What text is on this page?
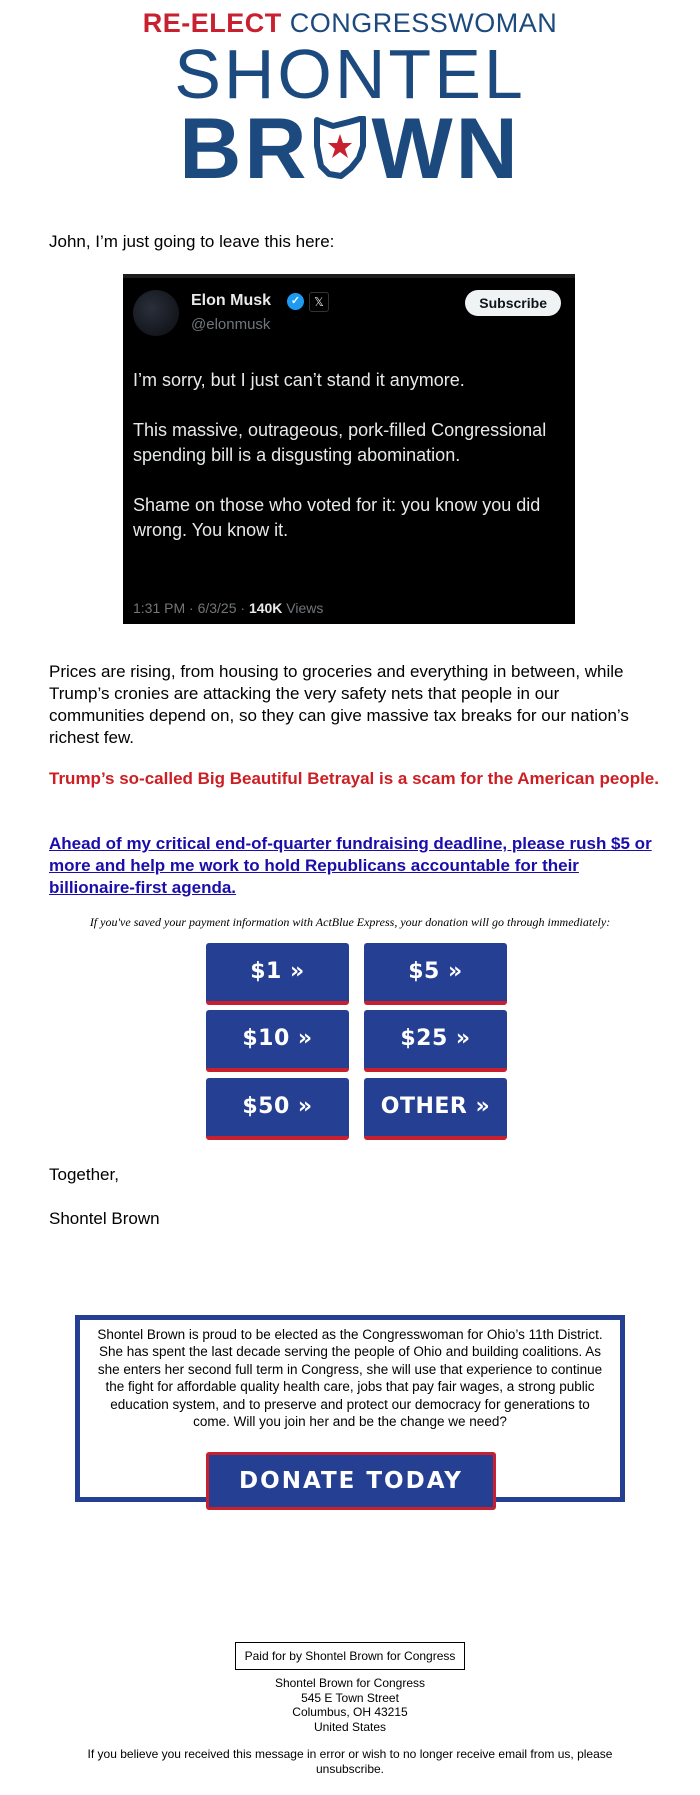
RE-ELECT CONGRESSWOMAN
SHONTEL
BR WN
John, I’m just going to leave this here:
Elon Musk	✓	𝕏
@elonmusk
Subscribe

I’m sorry, but I just can’t stand it anymore.

This massive, outrageous, pork-filled Congressional spending bill is a disgusting abomination.

Shame on those who voted for it: you know you did wrong. You know it.

1:31 PM · 6/3/25 · 140K Views
Prices are rising, from housing to groceries and everything in between, while Trump’s cronies are attacking the very safety nets that people in our communities depend on, so they can give massive tax breaks for our nation’s richest few.
Trump’s so-called Big Beautiful Betrayal is a scam for the American people.
Ahead of my critical end-of-quarter fundraising deadline, please rush $5 or more and help me work to hold Republicans accountable for their billionaire-first agenda.
If you've saved your payment information with ActBlue Express, your donation will go through immediately:
$1 »	$5 »
$10 »	$25 »
$50 »	OTHER »
Together,
Shontel Brown
Shontel Brown is proud to be elected as the Congresswoman for Ohio’s 11th District. She has spent the last decade serving the people of Ohio and building coalitions. As she enters her second full term in Congress, she will use that experience to continue the fight for affordable quality health care, jobs that pay fair wages, a strong public education system, and to preserve and protect our democracy for generations to come. Will you join her and be the change we need?
DONATE TODAY
Paid for by Shontel Brown for Congress
Shontel Brown for Congress
545 E Town Street
Columbus, OH 43215
United States
If you believe you received this message in error or wish to no longer receive email from us, please unsubscribe.
